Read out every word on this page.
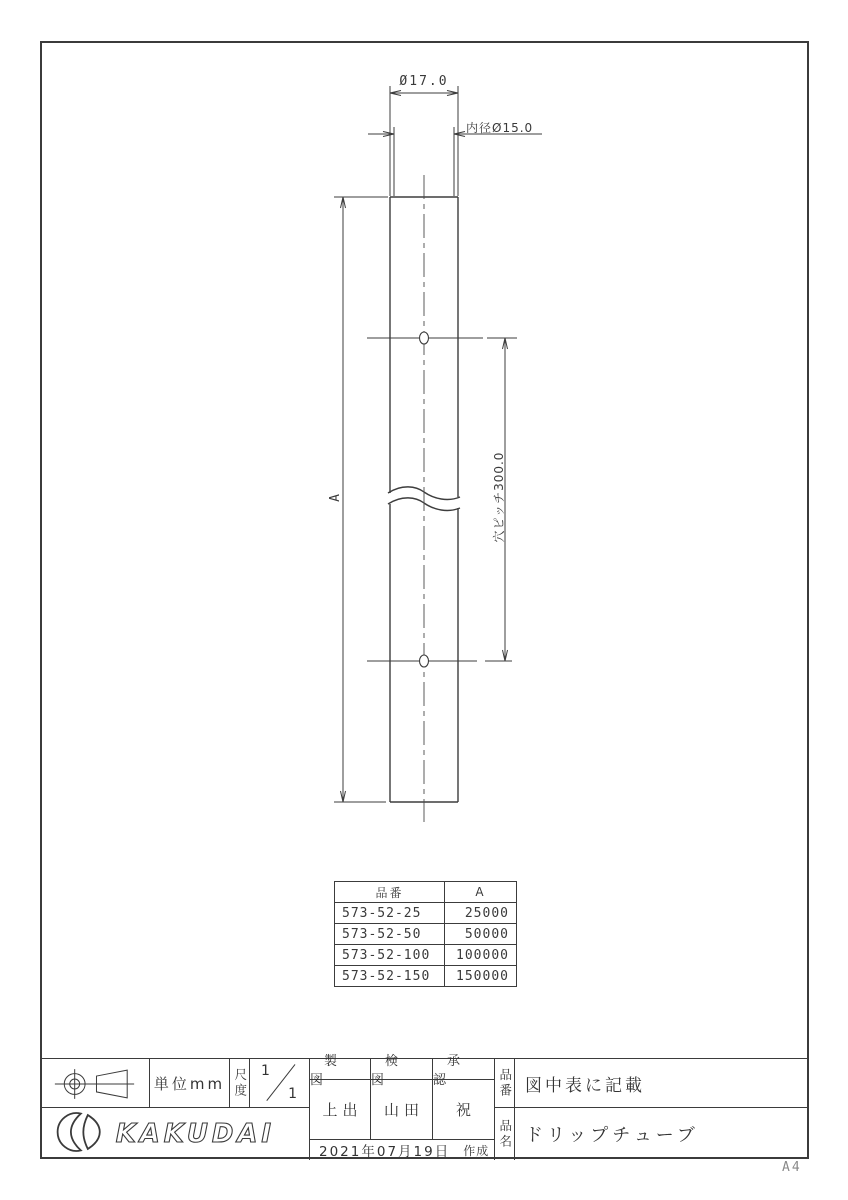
Ø17.0
内径Ø15.0
A	穴ピッチ300.0
品番	A
573-52-25	25000
573-52-50	50000
573-52-100	100000
573-52-150	150000
単位mm 尺度 1
1
KAKUDAI
製図
検図
承認
上出	山田	祝
2021年07月19日 作成
品番
品名
図中表に記載
ドリップチューブ
A4
